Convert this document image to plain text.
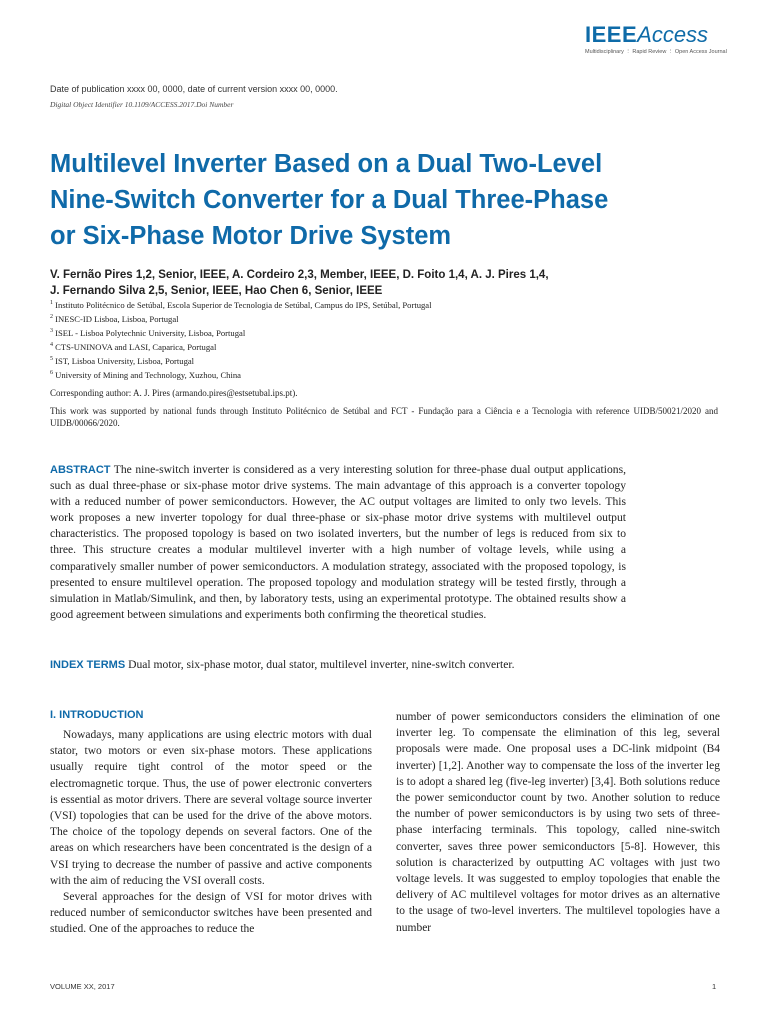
IEEEAccess
Multidisciplinary ⋮ Rapid Review ⋮ Open Access Journal
Date of publication xxxx 00, 0000, date of current version xxxx 00, 0000.
Digital Object Identifier 10.1109/ACCESS.2017.Doi Number
Multilevel Inverter Based on a Dual Two-Level
Nine-Switch Converter for a Dual Three-Phase
or Six-Phase Motor Drive System
V. Fernão Pires 1,2, Senior, IEEE, A. Cordeiro 2,3, Member, IEEE, D. Foito 1,4, A. J. Pires 1,4,
J. Fernando Silva 2,5, Senior, IEEE, Hao Chen 6, Senior, IEEE
$^1$ Instituto Politécnico de Setúbal, Escola Superior de Tecnologia de Setúbal, Campus do IPS, Setúbal, Portugal
$^2$ INESC-ID Lisboa, Lisboa, Portugal
$^3$ ISEL - Lisboa Polytechnic University, Lisboa, Portugal
$^4$ CTS-UNINOVA and LASI, Caparica, Portugal
$^5$ IST, Lisboa University, Lisboa, Portugal
$^6$ University of Mining and Technology, Xuzhou, China
Corresponding author: A. J. Pires (armando.pires@estsetubal.ips.pt).
This work was supported by national funds through Instituto Politécnico de Setúbal and FCT - Fundação para a Ciência e a Tecnologia with reference UIDB/50021/2020 and UIDB/00066/2020.
ABSTRACT The nine-switch inverter is considered as a very interesting solution for three-phase dual output applications, such as dual three-phase or six-phase motor drive systems. The main advantage of this approach is a converter topology with a reduced number of power semiconductors. However, the AC output voltages are limited to only two levels. This work proposes a new inverter topology for dual three-phase or six-phase motor drive systems with multilevel output characteristics. The proposed topology is based on two isolated inverters, but the number of legs is reduced from six to three. This structure creates a modular multilevel inverter with a high number of voltage levels, while using a comparatively smaller number of power semiconductors. A modulation strategy, associated with the proposed topology, is presented to ensure multilevel operation. The proposed topology and modulation strategy will be tested firstly, through a simulation in Matlab/Simulink, and then, by laboratory tests, using an experimental prototype. The obtained results show a good agreement between simulations and experiments both confirming the theoretical studies.
INDEX TERMS Dual motor, six-phase motor, dual stator, multilevel inverter, nine-switch converter.
I. INTRODUCTION

Nowadays, many applications are using electric motors with dual stator, two motors or even six-phase motors. These applications usually require tight control of the motor speed or the electromagnetic torque. Thus, the use of power electronic converters is essential as motor drivers. There are several voltage source inverter (VSI) topologies that can be used for the drive of the above motors. The choice of the topology depends on several factors. One of the areas on which researchers have been concentrated is the design of a VSI trying to decrease the number of passive and active components with the aim of reducing the VSI overall costs.

Several approaches for the design of VSI for motor drives with reduced number of semiconductor switches have been presented and studied. One of the approaches to reduce the

number of power semiconductors considers the elimination of one inverter leg. To compensate the elimination of this leg, several proposals were made. One proposal uses a DC-link midpoint (B4 inverter) [1,2]. Another way to compensate the loss of the inverter leg is to adopt a shared leg (five-leg inverter) [3,4]. Both solutions reduce the power semiconductor count by two. Another solution to reduce the number of power semiconductors is by using two sets of three-phase interfacing terminals. This topology, called nine-switch converter, saves three power semiconductors [5-8]. However, this solution is characterized by outputting AC voltages with just two voltage levels. It was suggested to employ topologies that enable the delivery of AC multilevel voltages for motor drives as an alternative to the usage of two-level inverters. The multilevel topologies have a number

VOLUME XX, 2017	1
